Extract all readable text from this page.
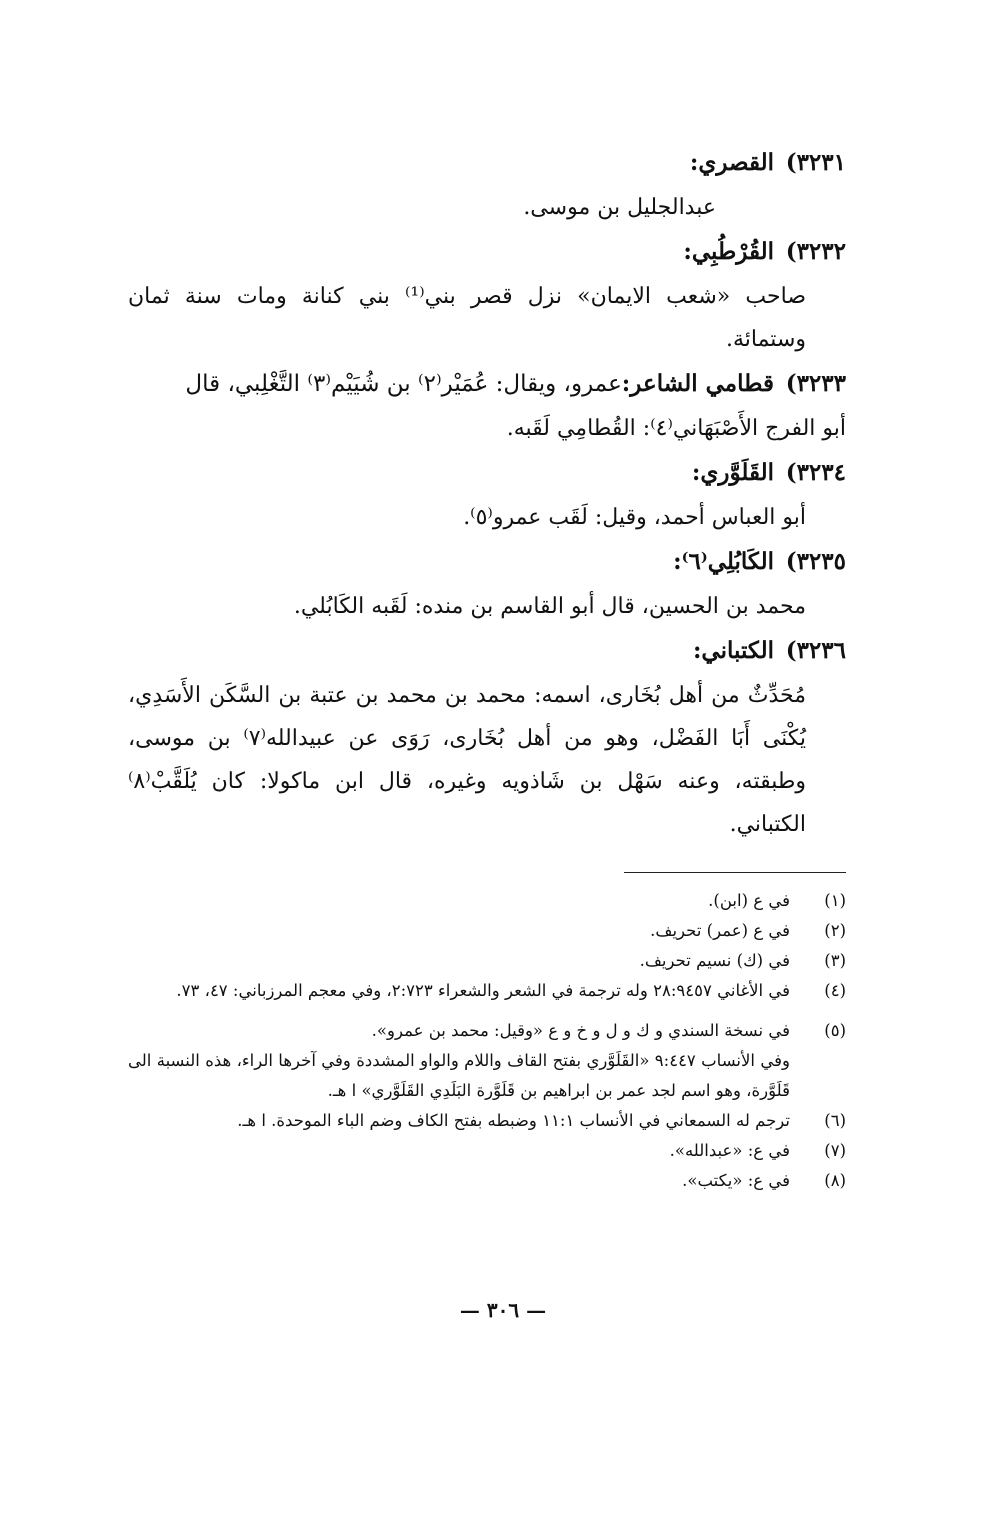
٣٢٣١)
القصري:

عبدالجليل بن موسى.

٣٢٣٢)
القُرْطُبِي:

صاحب «شعب الايمان» نزل قصر بني⁽¹⁾ بني كنانة ومات سنة ثمان وستمائة.

٣٢٣٣)
قطامي الشاعر:
عمرو، ويقال: عُمَيْر⁽٢⁾ بن شُيَيْم⁽٣⁾ التَّغْلِبي، قال

أبو الفرج الأَصْبَهَاني⁽٤⁾: القُطامِي لَقَبه.

٣٢٣٤)
القَلَوَّري:

أبو العباس أحمد، وقيل: لَقَب عمرو⁽٥⁾.

٣٢٣٥)
الكَابُلِي⁽٦⁾:

محمد بن الحسين، قال أبو القاسم بن منده: لَقَبه الكَابُلي.

٣٢٣٦)
الكتباني:

مُحَدِّثٌ من أهل بُخَارى، اسمه: محمد بن محمد بن عتبة بن السَّكَن الأَسَدِي، يُكْنَى أَبَا الفَضْل، وهو من أهل بُخَارى، رَوَى عن عبيدالله⁽٧⁾ بن موسى، وطبقته، وعنه سَهْل بن شَاذويه وغيره، قال ابن ماكولا: كان يُلَقَّبْ⁽٨⁾ الكتباني.

(١)
في ع (ابن).
(٢)
في ع (عمر) تحريف.
(٣)
في (ك) نسيم تحريف.
(٤)
في الأغاني ٢٨:٩٤٥٧ وله ترجمة في الشعر والشعراء ٢:٧٢٣، وفي معجم المرزباني: ٤٧، ٧٣.
(٥)
في نسخة السندي و ك و ل و خ و ع «وقيل: محمد بن عمرو».
وفي الأنساب ٩:٤٤٧ «القَلَوَّري بفتح القاف واللام والواو المشددة وفي آخرها الراء، هذه النسبة الى قَلَوَّرة، وهو اسم لجد عمر بن ابراهيم بن قَلَوَّرة البَلَدِي القَلَوَّري» ا هـ.
(٦)
ترجم له السمعاني في الأنساب ١١:١ وضبطه بفتح الكاف وضم الباء الموحدة. ا هـ.
(٧)
في ع: «عبدالله».
(٨)
في ع: «يكتب».
— ٣٠٦ —
